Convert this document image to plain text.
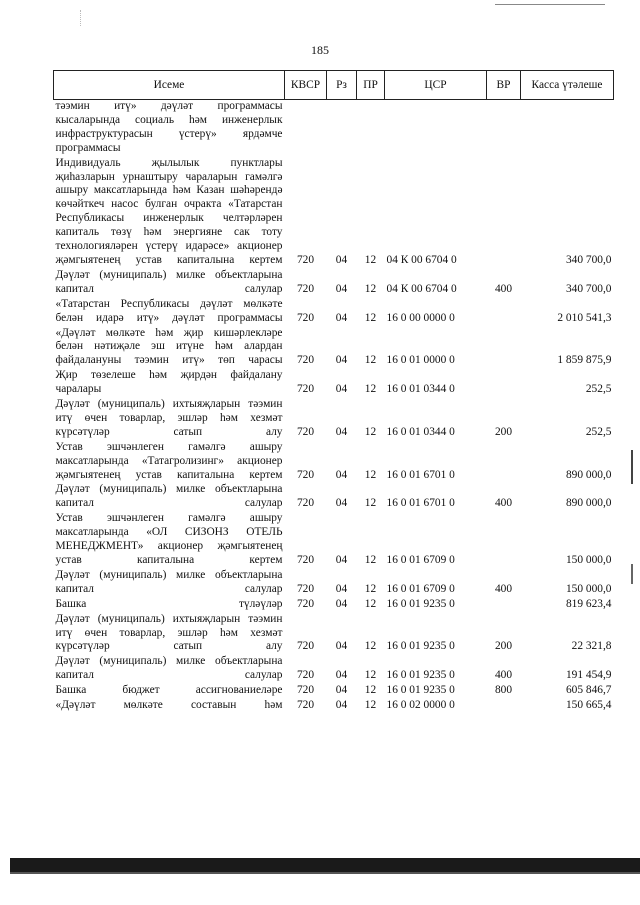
185
Исеме	КВСР	Рз	ПР	ЦСР	ВР	Касса үтәлеше
тәэмин итү» дәүләт программасы кысаларында социаль һәм инженерлык инфраструктурасын үстерү» ярдәмче программасы						
Индивидуаль җылылык пунктлары җиһазларын урнаштыру чараларын гамәлгә ашыру максатларында һәм Казан шәһәрендә көчәйткеч насос булган очракта «Татарстан Республикасы инженерлык челтәрләрен капиталь төзү һәм энергияне сак тоту технологияләрен үстерү идарәсе» акционер җәмгыятенең устав капиталына кертем	720	04	12	04 К 00 6704 0		340 700,0
Дәүләт (муниципаль) милке объектларына капитал салулар	720	04	12	04 К 00 6704 0	400	340 700,0
«Татарстан Республикасы дәүләт мөлкәте белән идарә итү» дәүләт программасы	720	04	12	16 0 00 0000 0		2 010 541,3
«Дәүләт мөлкәте һәм җир кишәрлекләре белән нәтиҗәле эш итүне һәм алардан файдалануны тәэмин итү» төп чарасы	720	04	12	16 0 01 0000 0		1 859 875,9
Җир төзелеше һәм җирдән файдалану чаралары	720	04	12	16 0 01 0344 0		252,5
Дәүләт (муниципаль) ихтыяҗларын тәэмин итү өчен товарлар, эшләр һәм хезмәт күрсәтүләр сатып алу	720	04	12	16 0 01 0344 0	200	252,5
Устав эшчәнлеген гамәлгә ашыру максатларында «Татагролизинг» акционер җәмгыятенең устав капиталына кертем	720	04	12	16 0 01 6701 0		890 000,0
Дәүләт (муниципаль) милке объектларына капитал салулар	720	04	12	16 0 01 6701 0	400	890 000,0
Устав эшчәнлеген гамәлгә ашыру максатларында «ОЛ СИЗОНЗ ОТЕЛЬ МЕНЕДЖМЕНТ» акционер җәмгыятенең устав капиталына кертем	720	04	12	16 0 01 6709 0		150 000,0
Дәүләт (муниципаль) милке объектларына капитал салулар	720	04	12	16 0 01 6709 0	400	150 000,0
Башка түләүләр	720	04	12	16 0 01 9235 0		819 623,4
Дәүләт (муниципаль) ихтыяҗларын тәэмин итү өчен товарлар, эшләр һәм хезмәт күрсәтүләр сатып алу	720	04	12	16 0 01 9235 0	200	22 321,8
Дәүләт (муниципаль) милке объектларына капитал салулар	720	04	12	16 0 01 9235 0	400	191 454,9
Башка бюджет ассигнованиеләре	720	04	12	16 0 01 9235 0	800	605 846,7
«Дәүләт мөлкәте составын һәм	720	04	12	16 0 02 0000 0		150 665,4
